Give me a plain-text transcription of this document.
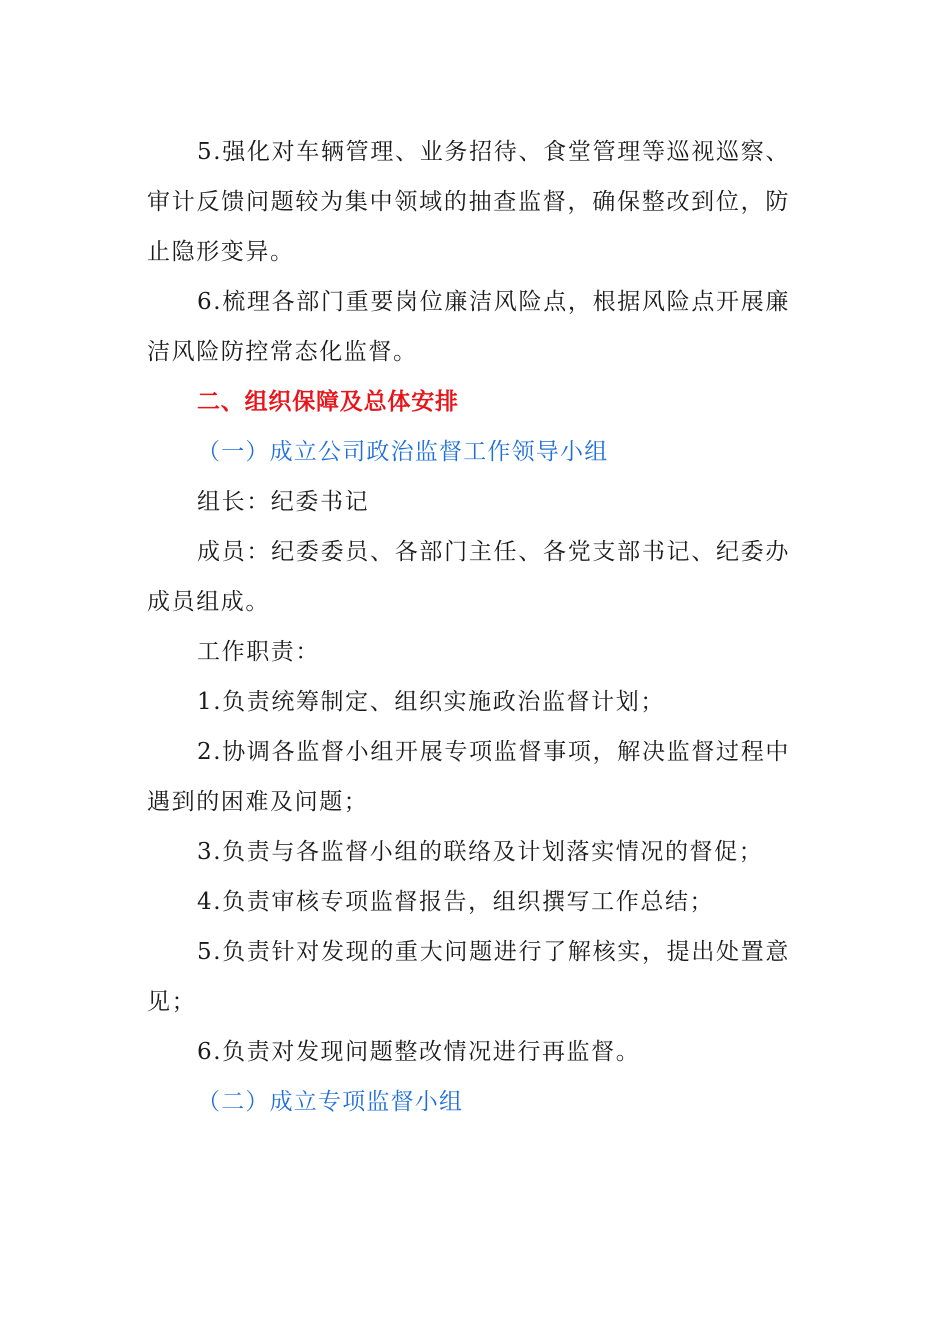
5.强化对车辆管理、业务招待、食堂管理等巡视巡察、审计反馈问题较为集中领域的抽查监督，确保整改到位，防止隐形变异。

6.梳理各部门重要岗位廉洁风险点，根据风险点开展廉洁风险防控常态化监督。

二、组织保障及总体安排

（一）成立公司政治监督工作领导小组

组长：纪委书记

成员：纪委委员、各部门主任、各党支部书记、纪委办成员组成。

工作职责：

1.负责统筹制定、组织实施政治监督计划；

2.协调各监督小组开展专项监督事项，解决监督过程中遇到的困难及问题；

3.负责与各监督小组的联络及计划落实情况的督促；

4.负责审核专项监督报告，组织撰写工作总结；

5.负责针对发现的重大问题进行了解核实，提出处置意见；

6.负责对发现问题整改情况进行再监督。

（二）成立专项监督小组
